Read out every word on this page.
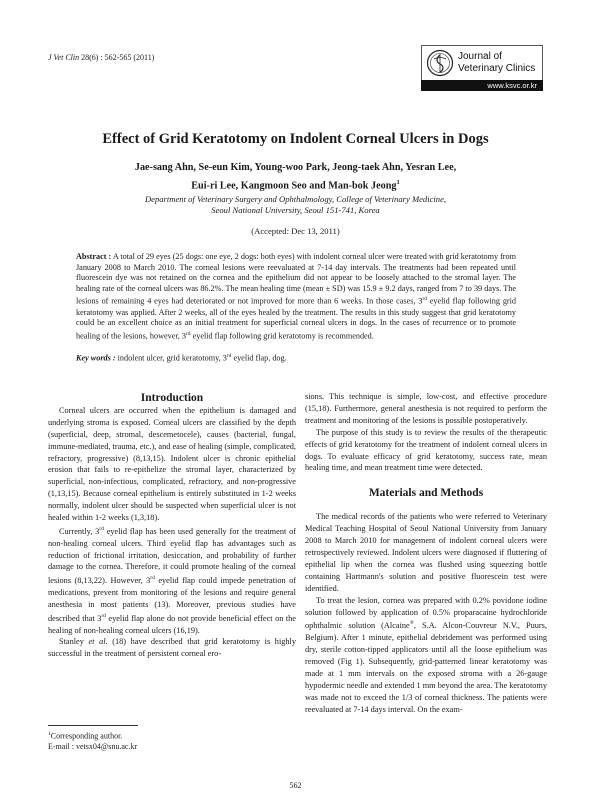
J Vet Clin 28(6) : 562-565 (2011)	Journal of
Veterinary Clinics
www.ksvc.or.kr
Effect of Grid Keratotomy on Indolent Corneal Ulcers in Dogs
Jae-sang Ahn, Se-eun Kim, Young-woo Park, Jeong-taek Ahn, Yesran Lee,
Eui-ri Lee, Kangmoon Seo and Man-bok Jeong$^1$
Department of Veterinary Surgery and Ophthalmology, College of Veterinary Medicine,
Seoul National University, Seoul 151-741, Korea
(Accepted: Dec 13, 2011)
Abstract : A total of 29 eyes (25 dogs: one eye, 2 dogs: both eyes) with indolent corneal ulcer were treated with grid keratotomy from January 2008 to March 2010. The corneal lesions were reevaluated at 7-14 day intervals. The treatments had been repeated until fluorescein dye was not retained on the cornea and the epithelium did not appear to be loosely attached to the stromal layer. The healing rate of the corneal ulcers was 86.2%. The mean healing time (mean ± SD) was 15.9 ± 9.2 days, ranged from 7 to 39 days. The lesions of remaining 4 eyes had deteriorated or not improved for more than 6 weeks. In those cases, 3rd eyelid flap following grid keratotomy was applied. After 2 weeks, all of the eyes healed by the treatment. The results in this study suggest that grid keratotomy could be an excellent choice as an initial treatment for superficial corneal ulcers in dogs. In the cases of recurrence or to promote healing of the lesions, however, 3rd eyelid flap following grid keratotomy is recommended.
Key words : indolent ulcer, grid keratotomy, 3rd eyelid flap, dog.

Introduction

Corneal ulcers are occurred when the epithelium is damaged and underlying stroma is exposed. Corneal ulcers are classified by the depth (superficial, deep, stromal, descemetocele), causes (bacterial, fungal, immune-mediated, trauma, etc.), and ease of healing (simple, complicated, refractory, progressive) (8,13,15). Indolent ulcer is chronic epithelial erosion that fails to re-epithelize the stromal layer, characterized by superficial, non-infectious, complicated, refractory, and non-progressive (1,13,15). Because corneal epithelium is entirely substituted in 1-2 weeks normally, indolent ulcer should be suspected when superficial ulcer is not healed within 1-2 weeks (1,3,18).

Currently, 3rd eyelid flap has been used generally for the treatment of non-healing corneal ulcers. Third eyelid flap has advantages such as reduction of frictional irritation, desiccation, and probability of further damage to the cornea. Therefore, it could promote healing of the corneal lesions (8,13,22). However, 3rd eyelid flap could impede penetration of medications, prevent from monitoring of the lesions and require general anesthesia in most patients (13). Moreover, previous studies have described that 3rd eyelid flap alone do not provide beneficial effect on the healing of non-healing corneal ulcers (16,19).

Stanley et al. (18) have described that grid keratotomy is highly successful in the treatment of persistent corneal ero-

sions. This technique is simple, low-cost, and effective procedure (15,18). Furthermore, general anesthesia is not required to perform the treatment and monitoring of the lesions is possible postoperatively.

The purpose of this study is to review the results of the therapeutic effects of grid keratotomy for the treatment of indolent corneal ulcers in dogs. To evaluate efficacy of grid keratotomy, success rate, mean healing time, and mean treatment time were detected.

Materials and Methods

The medical records of the patients who were referred to Veterinary Medical Teaching Hospital of Seoul National University from January 2008 to March 2010 for management of indolent corneal ulcers were retrospectively reviewed. Indolent ulcers were diagnosed if fluttering of epithelial lip when the cornea was flushed using squeezing bottle containing Hartmann's solution and positive fluorescein test were identified.

To treat the lesion, cornea was prepared with 0.2% povidone iodine solution followed by application of 0.5% proparacaine hydrochloride ophthalmic solution (Alcaine®, S.A. Alcon-Couvreur N.V., Puurs, Belgium). After 1 minute, epithelial debridement was performed using dry, sterile cotton-tipped applicators until all the loose epithelium was removed (Fig 1). Subsequently, grid-patterned linear keratotomy was made at 1 mm intervals on the exposed stroma with a 26-gauge hypodermic needle and extended 1 mm beyond the area. The keratotomy was made not to exceed the 1/3 of corneal thickness. The patients were reevaluated at 7-14 days interval. On the exam-

$^1$Corresponding author.
E-mail : vetsx04@snu.ac.kr
562
